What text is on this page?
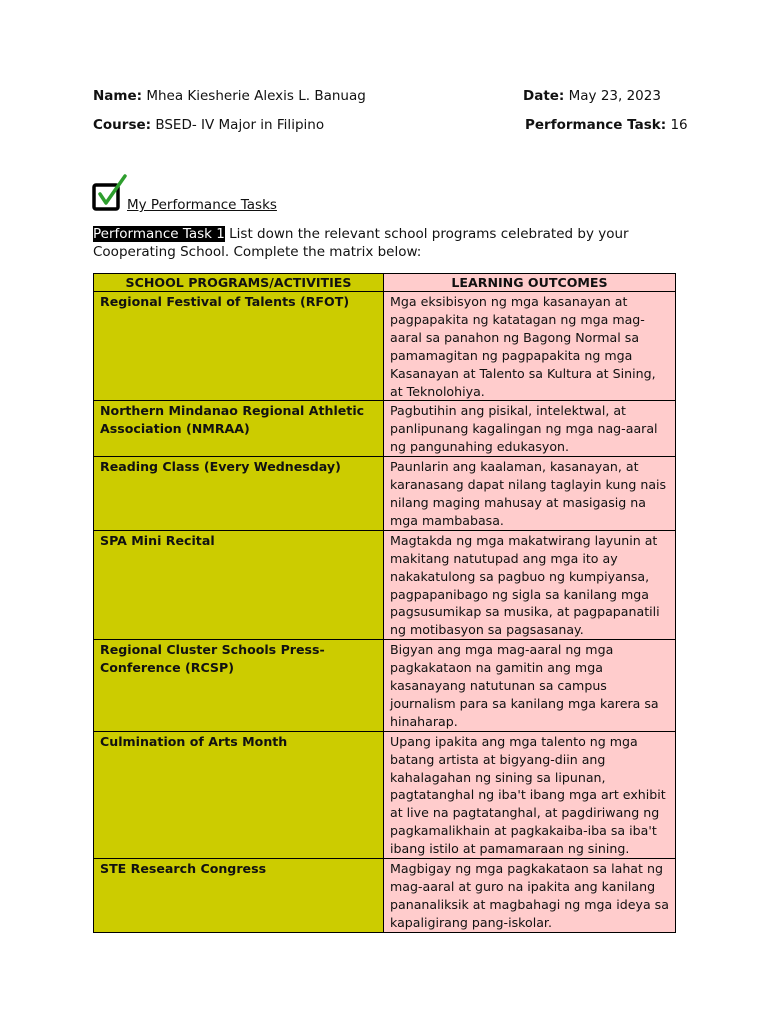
Name: Mhea Kiesherie Alexis L. Banuag	Date: May 23, 2023
Course: BSED- IV Major in Filipino	Performance Task: 16
My Performance Tasks
Performance Task 1 List down the relevant school programs celebrated by your Cooperating School. Complete the matrix below:
SCHOOL PROGRAMS/ACTIVITIES	LEARNING OUTCOMES
Regional Festival of Talents (RFOT)	Mga eksibisyon ng mga kasanayan at pagpapakita ng katatagan ng mga mag-aaral sa panahon ng Bagong Normal sa pamamagitan ng pagpapakita ng mga Kasanayan at Talento sa Kultura at Sining, at Teknolohiya.
Northern Mindanao Regional Athletic Association (NMRAA)	Pagbutihin ang pisikal, intelektwal, at panlipunang kagalingan ng mga nag-aaral ng pangunahing edukasyon.
Reading Class (Every Wednesday)	Paunlarin ang kaalaman, kasanayan, at karanasang dapat nilang taglayin kung nais nilang maging mahusay at masigasig na mga mambabasa.
SPA Mini Recital	Magtakda ng mga makatwirang layunin at makitang natutupad ang mga ito ay nakakatulong sa pagbuo ng kumpiyansa, pagpapanibago ng sigla sa kanilang mga pagsusumikap sa musika, at pagpapanatili ng motibasyon sa pagsasanay.
Regional Cluster Schools Press-Conference (RCSP)	Bigyan ang mga mag-aaral ng mga pagkakataon na gamitin ang mga kasanayang natutunan sa campus journalism para sa kanilang mga karera sa hinaharap.
Culmination of Arts Month	Upang ipakita ang mga talento ng mga batang artista at bigyang-diin ang kahalagahan ng sining sa lipunan, pagtatanghal ng iba't ibang mga art exhibit at live na pagtatanghal, at pagdiriwang ng pagkamalikhain at pagkakaiba-iba sa iba't ibang istilo at pamamaraan ng sining.
STE Research Congress	Magbigay ng mga pagkakataon sa lahat ng mag-aaral at guro na ipakita ang kanilang pananaliksik at magbahagi ng mga ideya sa kapaligirang pang-iskolar.
